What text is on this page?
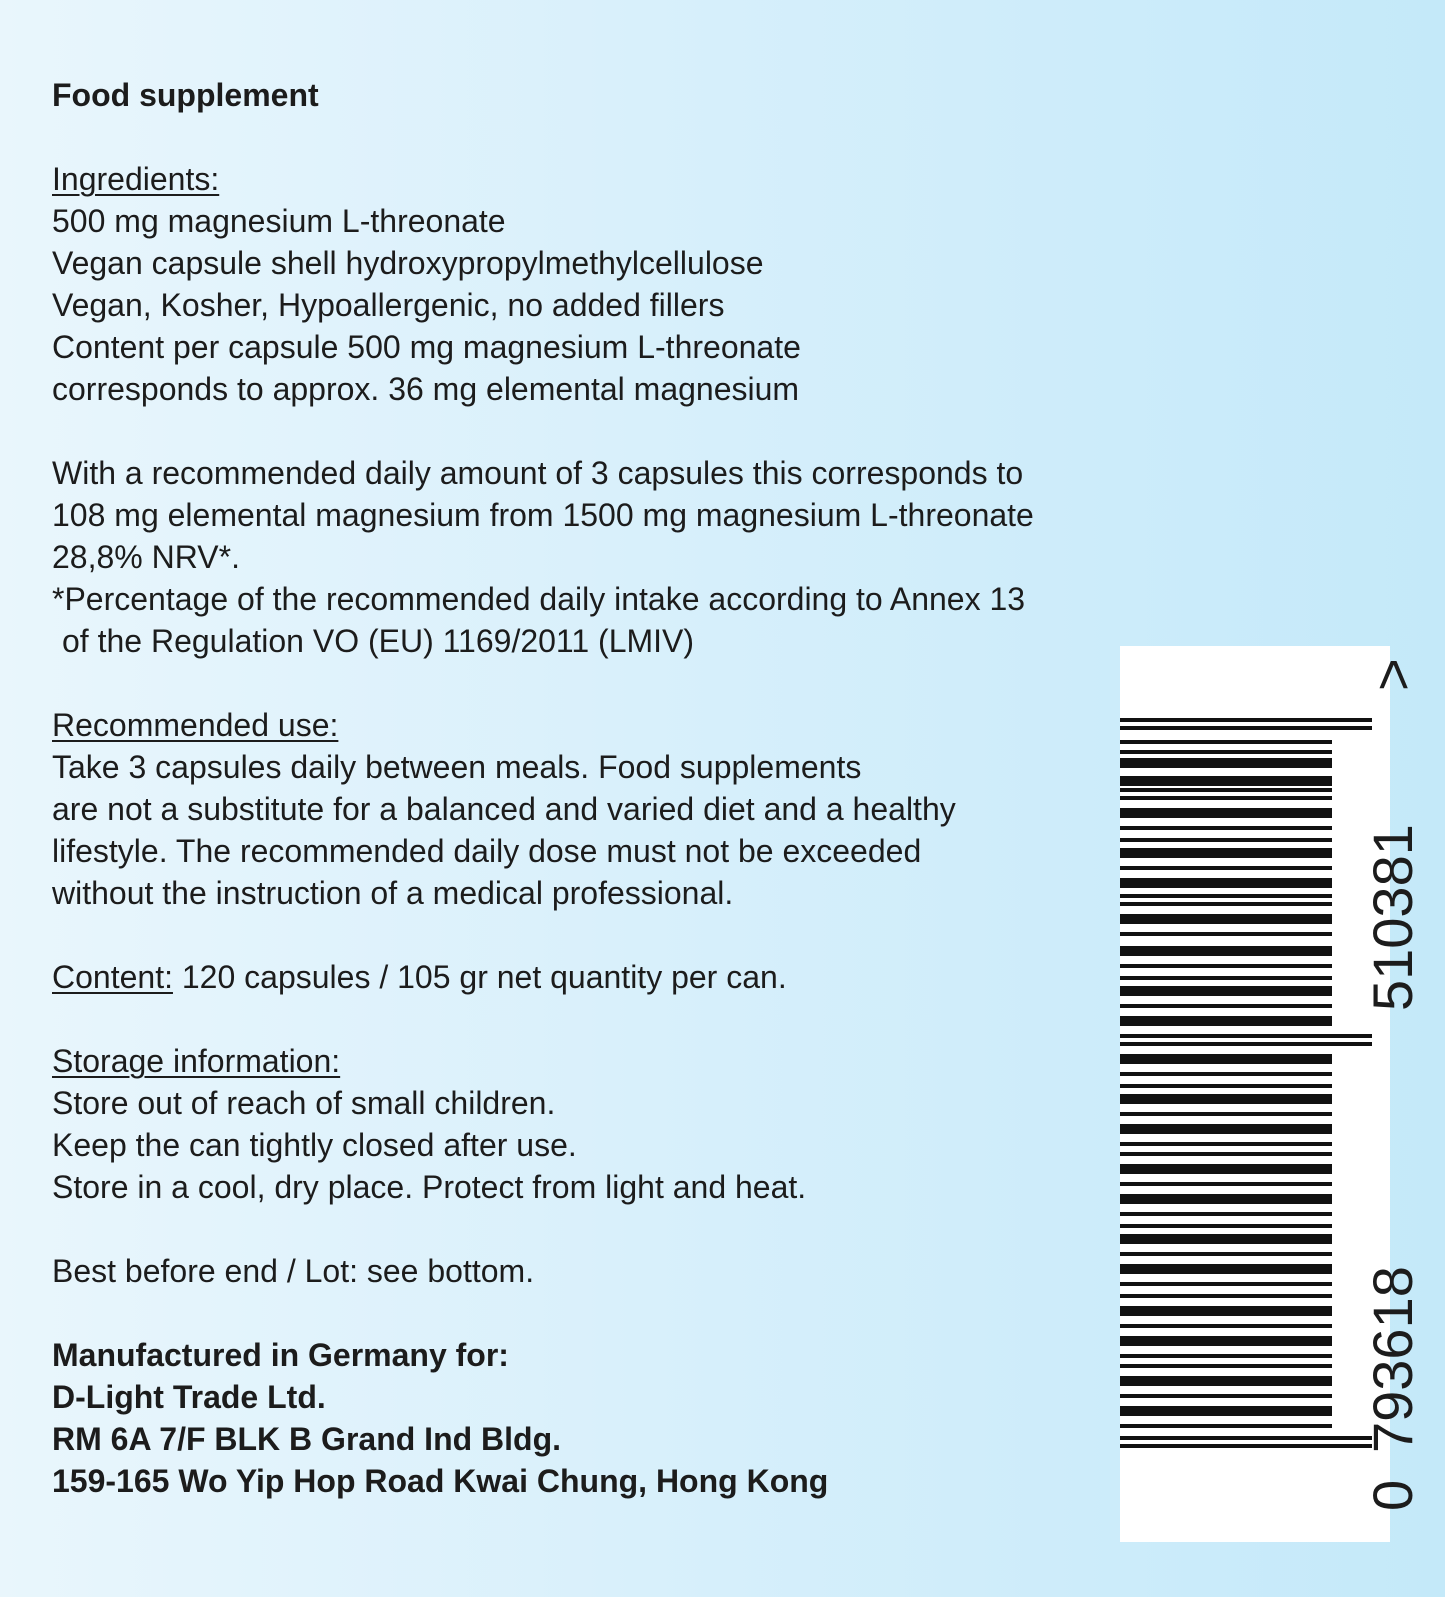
Food supplement
Ingredients:
500 mg magnesium L-threonate
Vegan capsule shell hydroxypropylmethylcellulose
Vegan, Kosher, Hypoallergenic, no added fillers
Content per capsule 500 mg magnesium L-threonate
corresponds to approx. 36 mg elemental magnesium
With a recommended daily amount of 3 capsules this corresponds to
108 mg elemental magnesium from 1500 mg magnesium L-threonate 28,8% NRV*.
*Percentage of the recommended daily intake according to Annex 13
of the Regulation VO (EU) 1169/2011 (LMIV)
Recommended use:
Take 3 capsules daily between meals. Food supplements
are not a substitute for a balanced and varied diet and a healthy
lifestyle. The recommended daily dose must not be exceeded
without the instruction of a medical professional.
Content: 120 capsules / 105 gr net quantity per can.
Storage information:
Store out of reach of small children.
Keep the can tightly closed after use.
Store in a cool, dry place. Protect from light and heat.
Best before end / Lot: see bottom.
Manufactured in Germany for:
D-Light Trade Ltd.
RM 6A 7/F BLK B Grand Ind Bldg.
159-165 Wo Yip Hop Road Kwai Chung, Hong Kong	0
793618
510381
>
